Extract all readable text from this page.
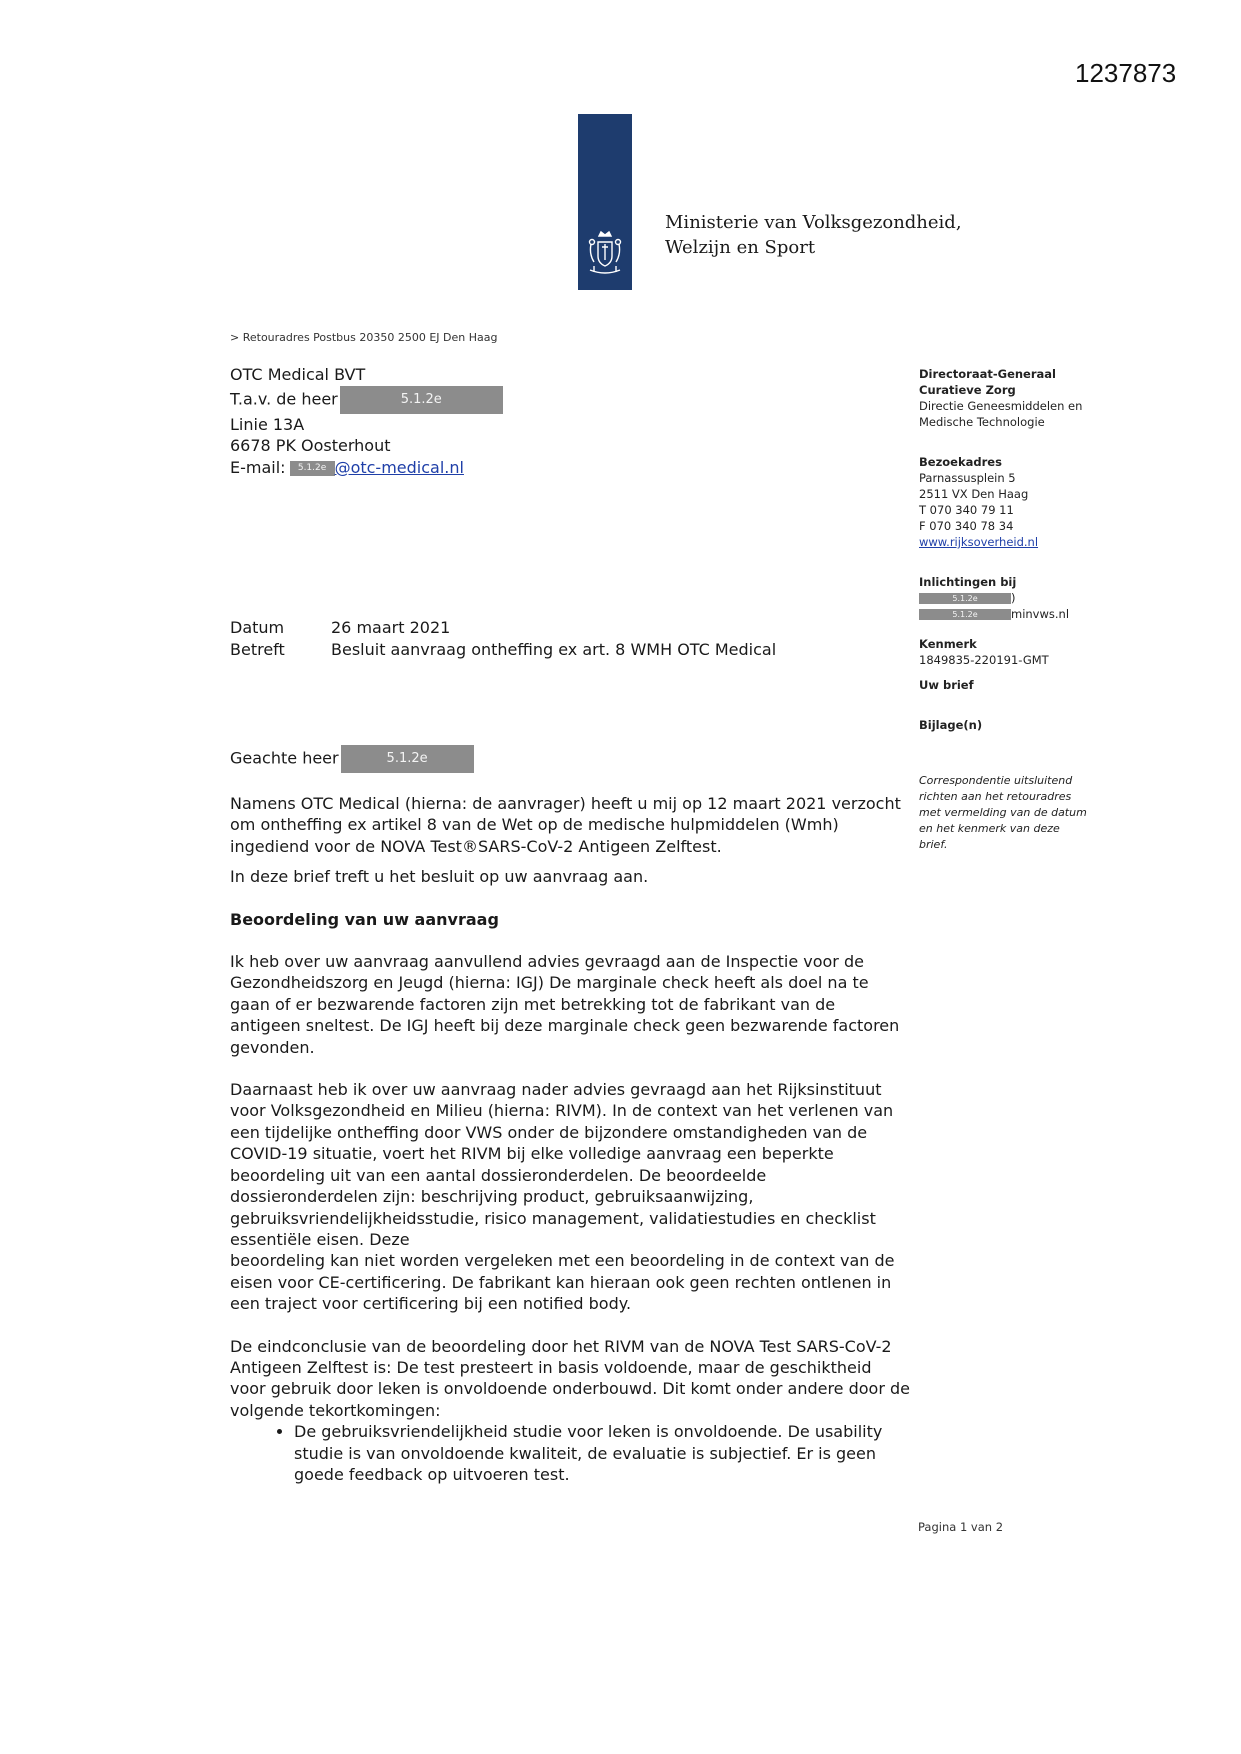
1237873
Ministerie van Volksgezondheid,
Welzijn en Sport
> Retouradres Postbus 20350 2500 EJ Den Haag
OTC Medical BVT
T.a.v. de heer	5.1.2e
Linie 13A
6678 PK Oosterhout
E-mail: 5.1.2e @otc-medical.nl
Directoraat-Generaal
Curatieve Zorg
Directie Geneesmiddelen en
Medische Technologie
Bezoekadres
Parnassusplein 5
2511 VX Den Haag
T 070 340 79 11
F 070 340 78 34
www.rijksoverheid.nl
Inlichtingen bij
5.1.2e	)
5.1.2e	minvws.nl
Kenmerk
1849835-220191-GMT
Uw brief
Bijlage(n)
Correspondentie uitsluitend richten aan het retouradres met vermelding van de datum en het kenmerk van deze brief.
Datum	26 maart 2021
Betreft	Besluit aanvraag ontheffing ex art. 8 WMH OTC Medical
Geachte heer	5.1.2e

Namens OTC Medical (hierna: de aanvrager) heeft u mij op 12 maart 2021 verzocht om ontheffing ex artikel 8 van de Wet op de medische hulpmiddelen (Wmh) ingediend voor de NOVA Test®SARS-CoV-2 Antigeen Zelftest.

In deze brief treft u het besluit op uw aanvraag aan.

Beoordeling van uw aanvraag

Ik heb over uw aanvraag aanvullend advies gevraagd aan de Inspectie voor de Gezondheidszorg en Jeugd (hierna: IGJ) De marginale check heeft als doel na te gaan of er bezwarende factoren zijn met betrekking tot de fabrikant van de antigeen sneltest. De IGJ heeft bij deze marginale check geen bezwarende factoren gevonden.

Daarnaast heb ik over uw aanvraag nader advies gevraagd aan het Rijksinstituut voor Volksgezondheid en Milieu (hierna: RIVM). In de context van het verlenen van een tijdelijke ontheffing door VWS onder de bijzondere omstandigheden van de COVID-19 situatie, voert het RIVM bij elke volledige aanvraag een beperkte beoordeling uit van een aantal dossieronderdelen. De beoordeelde dossieronderdelen zijn: beschrijving product, gebruiksaanwijzing, gebruiksvriendelijkheidsstudie, risico management, validatiestudies en checklist essentiële eisen. Deze

beoordeling kan niet worden vergeleken met een beoordeling in de context van de eisen voor CE-certificering. De fabrikant kan hieraan ook geen rechten ontlenen in een traject voor certificering bij een notified body.

De eindconclusie van de beoordeling door het RIVM van de NOVA Test SARS-CoV-2 Antigeen Zelftest is: De test presteert in basis voldoende, maar de geschiktheid voor gebruik door leken is onvoldoende onderbouwd. Dit komt onder andere door de volgende tekortkomingen:

• De gebruiksvriendelijkheid studie voor leken is onvoldoende. De usability studie is van onvoldoende kwaliteit, de evaluatie is subjectief. Er is geen goede feedback op uitvoeren test.
Pagina 1 van 2
